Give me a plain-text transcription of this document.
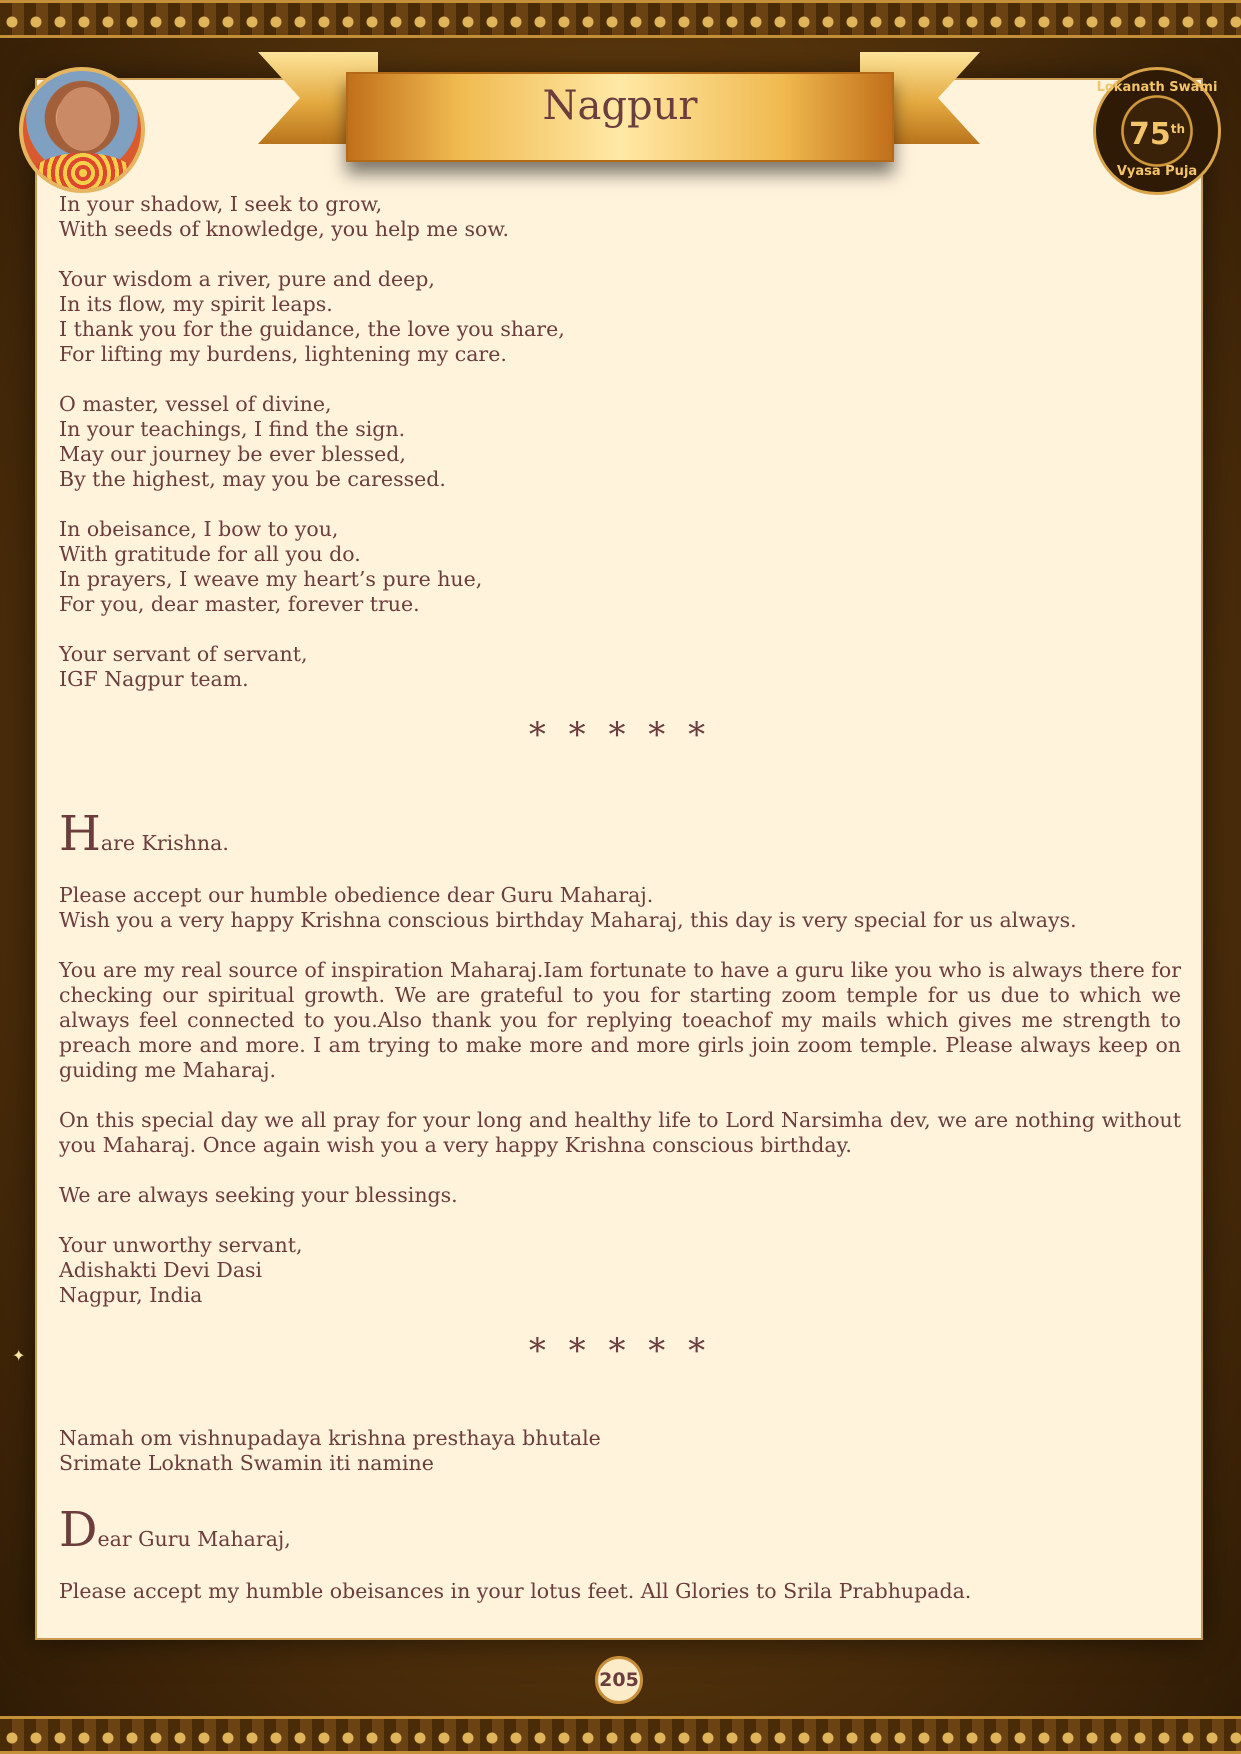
Nagpur	Lokanath Swami
75th
Vyasa Puja

In your shadow, I seek to grow,
With seeds of knowledge, you help me sow.

Your wisdom a river, pure and deep,
In its flow, my spirit leaps.
I thank you for the guidance, the love you share,
For lifting my burdens, lightening my care.

O master, vessel of divine,
In your teachings, I find the sign.
May our journey be ever blessed,
By the highest, may you be caressed.

In obeisance, I bow to you,
With gratitude for all you do.
In prayers, I weave my heart’s pure hue,
For you, dear master, forever true.

Your servant of servant,
IGF Nagpur team.

* * * * *

Hare Krishna.

Please accept our humble obedience dear Guru Maharaj.
Wish you a very happy Krishna conscious birthday Maharaj, this day is very special for us always.

You are my real source of inspiration Maharaj.Iam fortunate to have a guru like you who is always there for checking our spiritual growth. We are grateful to you for starting zoom temple for us due to which we always feel connected to you.Also thank you for replying toeachof my mails which gives me strength to preach more and more. I am trying to make more and more girls join zoom temple. Please always keep on guiding me Maharaj.

On this special day we all pray for your long and healthy life to Lord Narsimha dev, we are nothing without you Maharaj. Once again wish you a very happy Krishna conscious birthday.

We are always seeking your blessings.

Your unworthy servant,
Adishakti Devi Dasi
Nagpur, India

* * * * *

Namah om vishnupadaya krishna presthaya bhutale
Srimate Loknath Swamin iti namine

Dear Guru Maharaj,

Please accept my humble obeisances in your lotus feet. All Glories to Srila Prabhupada.

✦
205
